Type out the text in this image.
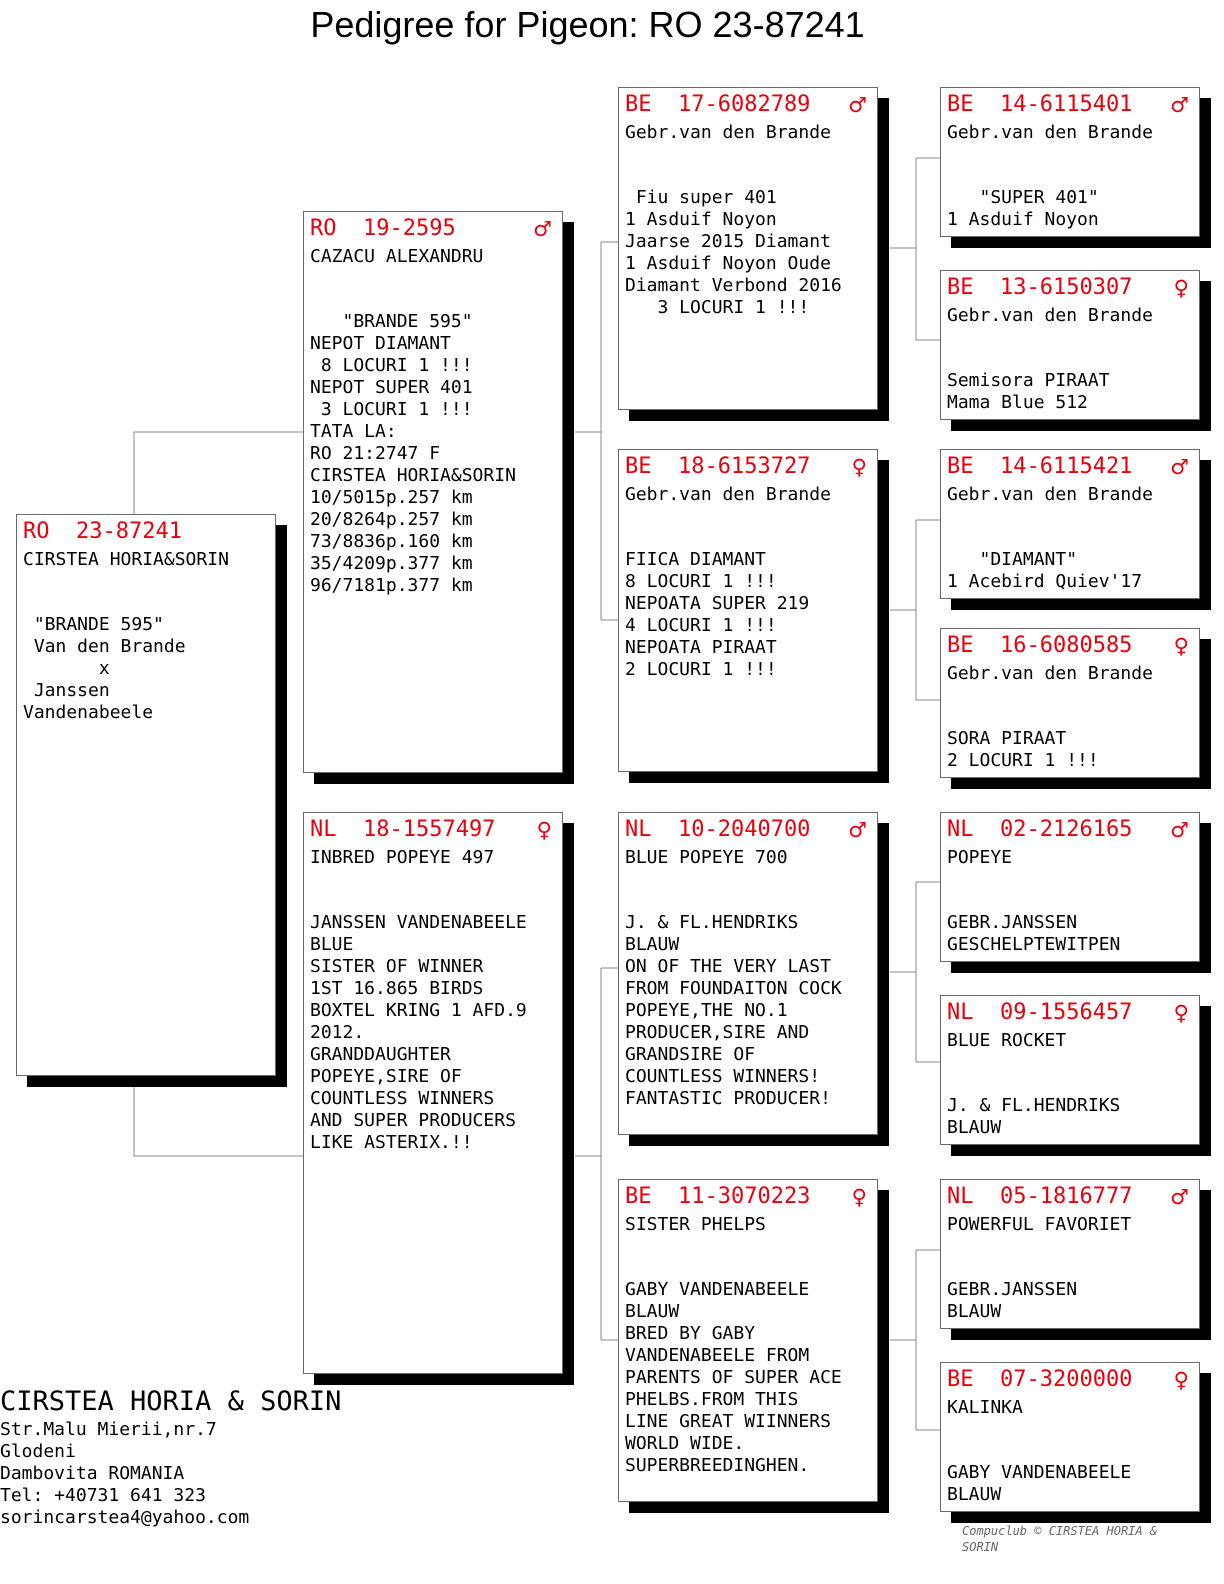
Pedigree for Pigeon: RO 23-87241
RO  23-87241
CIRSTEA HORIA&SORIN
"BRANDE 595"
Van den Brande
x
Janssen
Vandenabeele
RO  19-2595	♂
CAZACU ALEXANDRU
"BRANDE 595"
NEPOT DIAMANT
8 LOCURI 1 !!!
NEPOT SUPER 401
3 LOCURI 1 !!!
TATA LA:
RO 21:2747 F
CIRSTEA HORIA&SORIN
10/5015p.257 km
20/8264p.257 km
73/8836p.160 km
35/4209p.377 km
96/7181p.377 km
NL  18-1557497 ♀
INBRED POPEYE 497
JANSSEN VANDENABEELE
BLUE
SISTER OF WINNER
1ST 16.865 BIRDS
BOXTEL KRING 1 AFD.9
2012.
GRANDDAUGHTER
POPEYE,SIRE OF
COUNTLESS WINNERS
AND SUPER PRODUCERS
LIKE ASTERIX.!!
BE  17-6082789 ♂
Gebr.van den Brande
Fiu super 401
1 Asduif Noyon
Jaarse 2015 Diamant
1 Asduif Noyon Oude
Diamant Verbond 2016
3 LOCURI 1 !!!
BE  18-6153727 ♀
Gebr.van den Brande
FIICA DIAMANT
8 LOCURI 1 !!!
NEPOATA SUPER 219
4 LOCURI 1 !!!
NEPOATA PIRAAT
2 LOCURI 1 !!!
NL  10-2040700 ♂
BLUE POPEYE 700
J. & FL.HENDRIKS
BLAUW
ON OF THE VERY LAST
FROM FOUNDAITON COCK
POPEYE,THE NO.1
PRODUCER,SIRE AND
GRANDSIRE OF
COUNTLESS WINNERS!
FANTASTIC PRODUCER!
BE  11-3070223 ♀
SISTER PHELPS
GABY VANDENABEELE
BLAUW
BRED BY GABY
VANDENABEELE FROM
PARENTS OF SUPER ACE
PHELBS.FROM THIS
LINE GREAT WIINNERS
WORLD WIDE.
SUPERBREEDINGHEN.
BE  14-6115401 ♂
Gebr.van den Brande
"SUPER 401"
1 Asduif Noyon
BE  13-6150307 ♀
Gebr.van den Brande
Semisora PIRAAT
Mama Blue 512
BE  14-6115421 ♂
Gebr.van den Brande
"DIAMANT"
1 Acebird Quiev'17
BE  16-6080585 ♀
Gebr.van den Brande
SORA PIRAAT
2 LOCURI 1 !!!
NL  02-2126165 ♂
POPEYE
GEBR.JANSSEN
GESCHELPTEWITPEN
NL  09-1556457 ♀
BLUE ROCKET
J. & FL.HENDRIKS
BLAUW
NL  05-1816777 ♂
POWERFUL FAVORIET
GEBR.JANSSEN
BLAUW
BE  07-3200000 ♀
KALINKA
GABY VANDENABEELE
BLAUW
CIRSTEA HORIA & SORIN
Str.Malu Mierii,nr.7
Glodeni
Dambovita ROMANIA
Tel: +40731 641 323
sorincarstea4@yahoo.com
Compuclub © CIRSTEA HORIA & SORIN
